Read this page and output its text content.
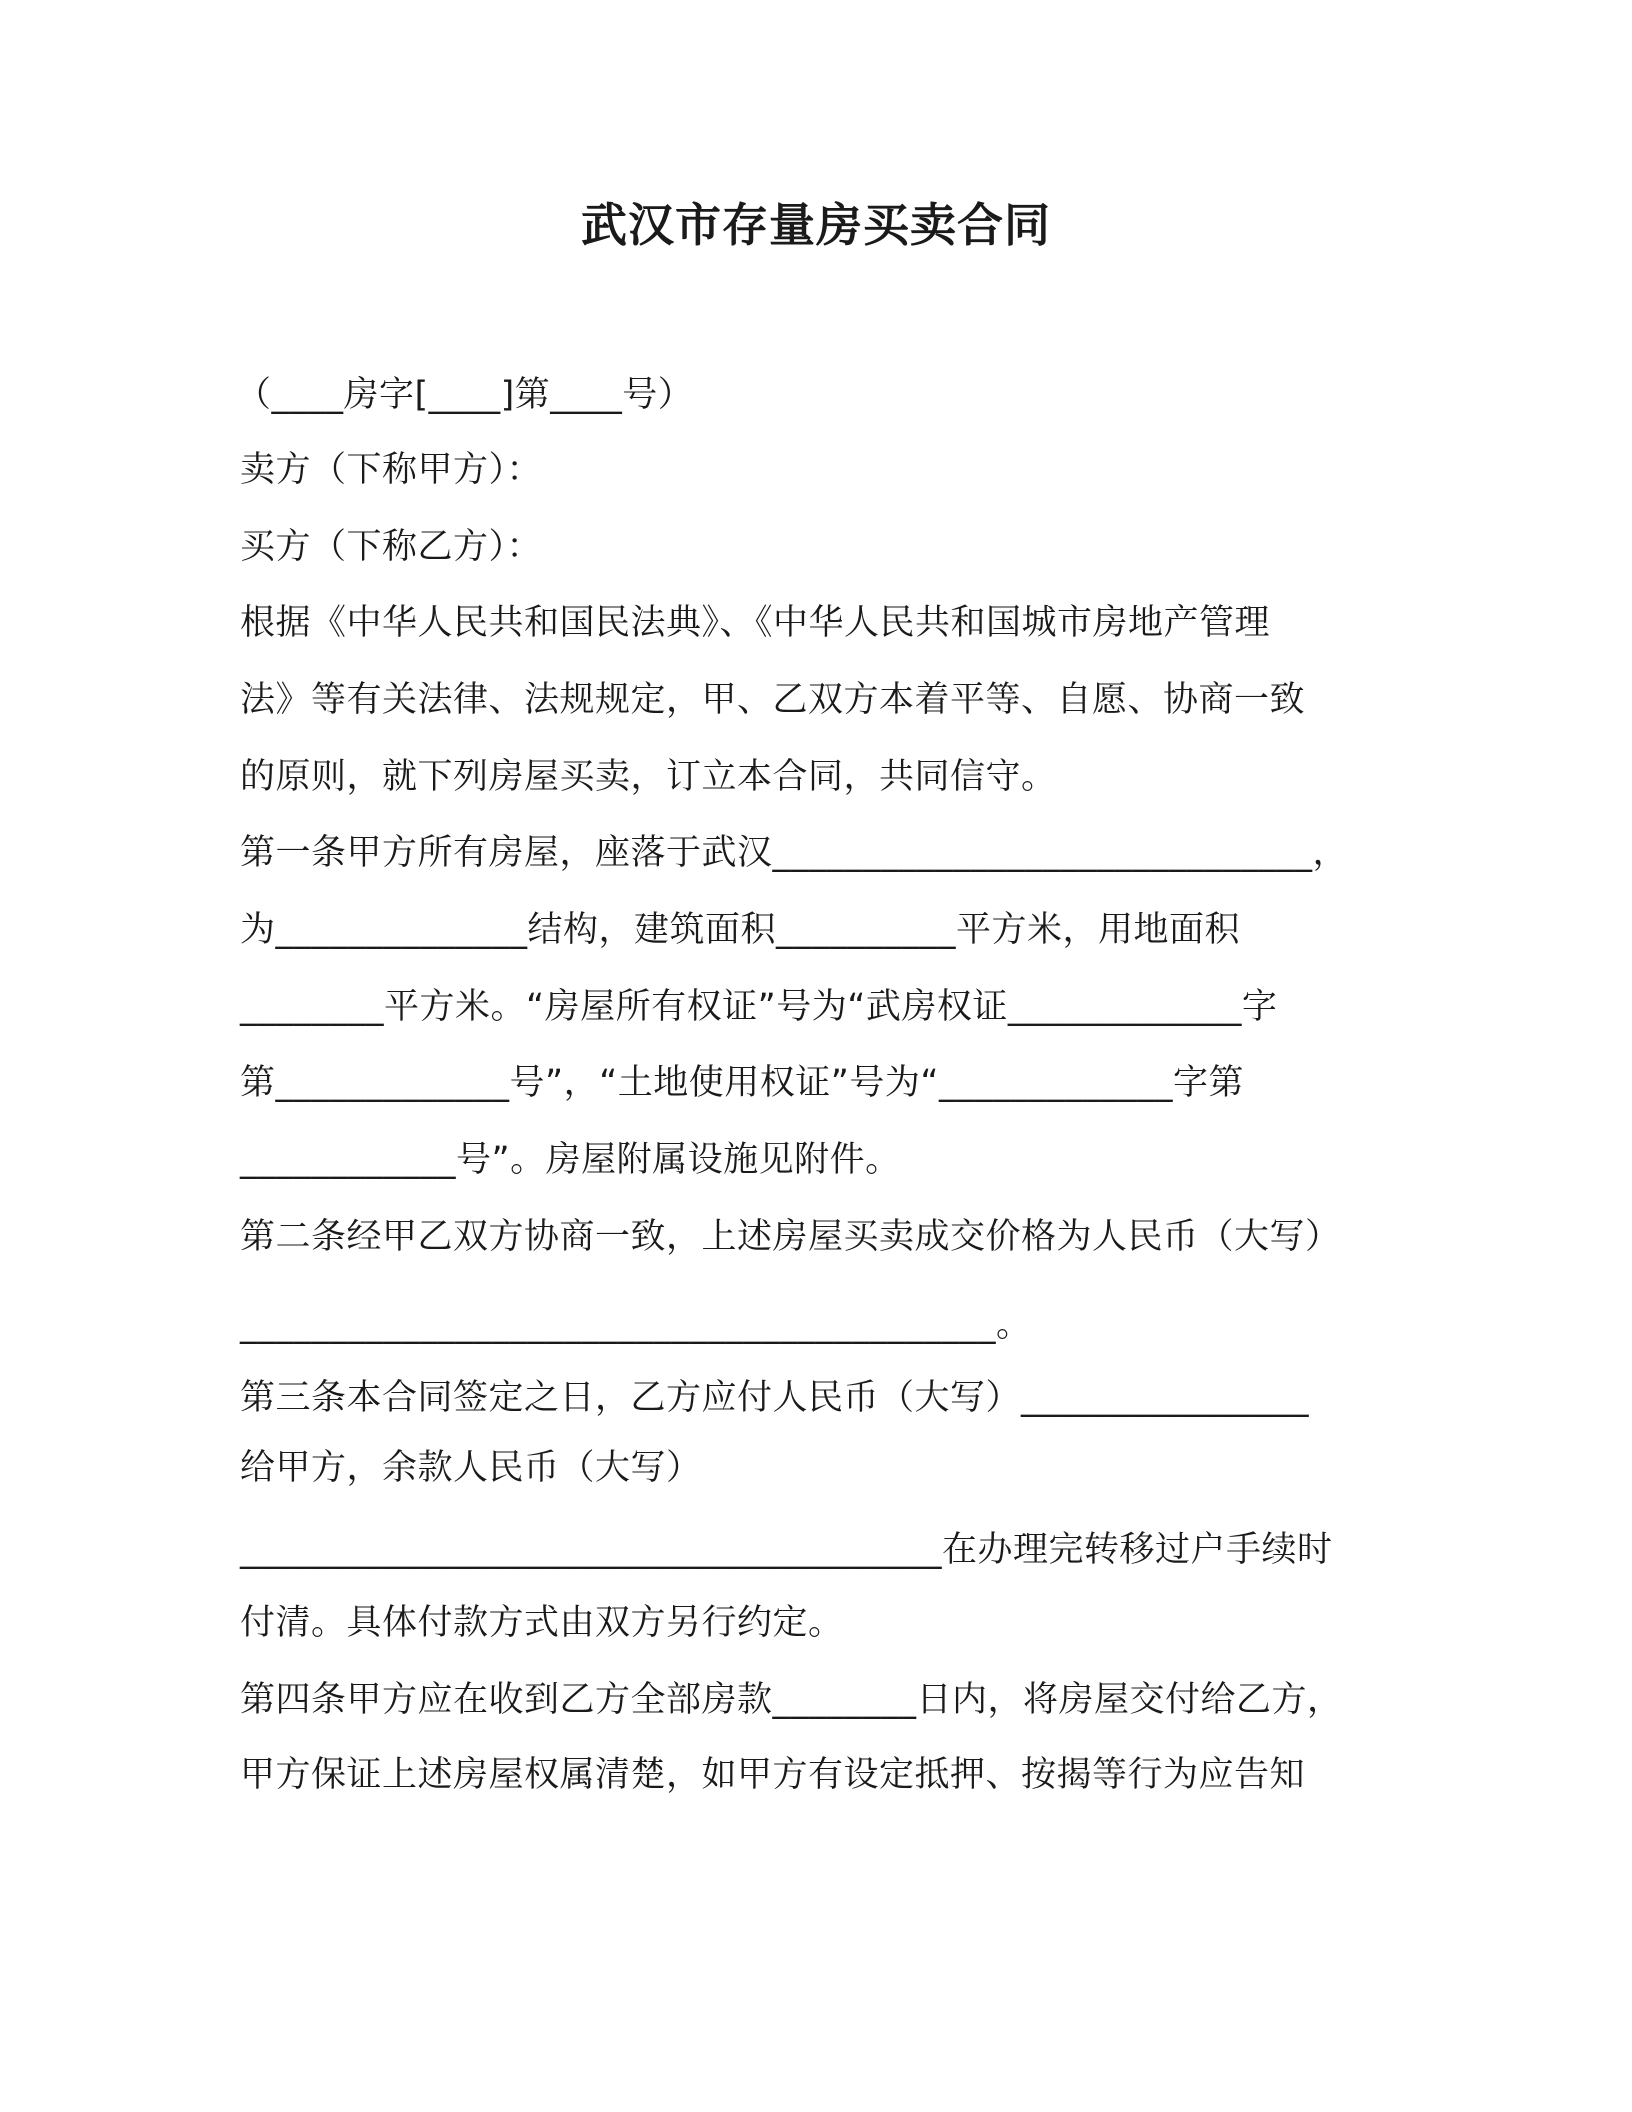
武汉市存量房买卖合同
（____房字[____]第____号）
卖方（下称甲方）：
买方（下称乙方）：
根据《中华人民共和国民法典》、《中华人民共和国城市房地产管理
法》等有关法律、法规规定，甲、乙双方本着平等、自愿、协商一致
的原则，就下列房屋买卖，订立本合同，共同信守。
第一条甲方所有房屋，座落于武汉______________________________，
为______________结构，建筑面积__________平方米，用地面积
________平方米。“房屋所有权证”号为“武房权证_____________字
第_____________号”，“土地使用权证”号为“_____________字第
____________号”。房屋附属设施见附件。
第二条经甲乙双方协商一致，上述房屋买卖成交价格为人民币（大写）
__________________________________________。
第三条本合同签定之日，乙方应付人民币（大写）________________
给甲方，余款人民币（大写）
_______________________________________在办理完转移过户手续时
付清。具体付款方式由双方另行约定。
第四条甲方应在收到乙方全部房款________日内，将房屋交付给乙方，
甲方保证上述房屋权属清楚，如甲方有设定抵押、按揭等行为应告知
